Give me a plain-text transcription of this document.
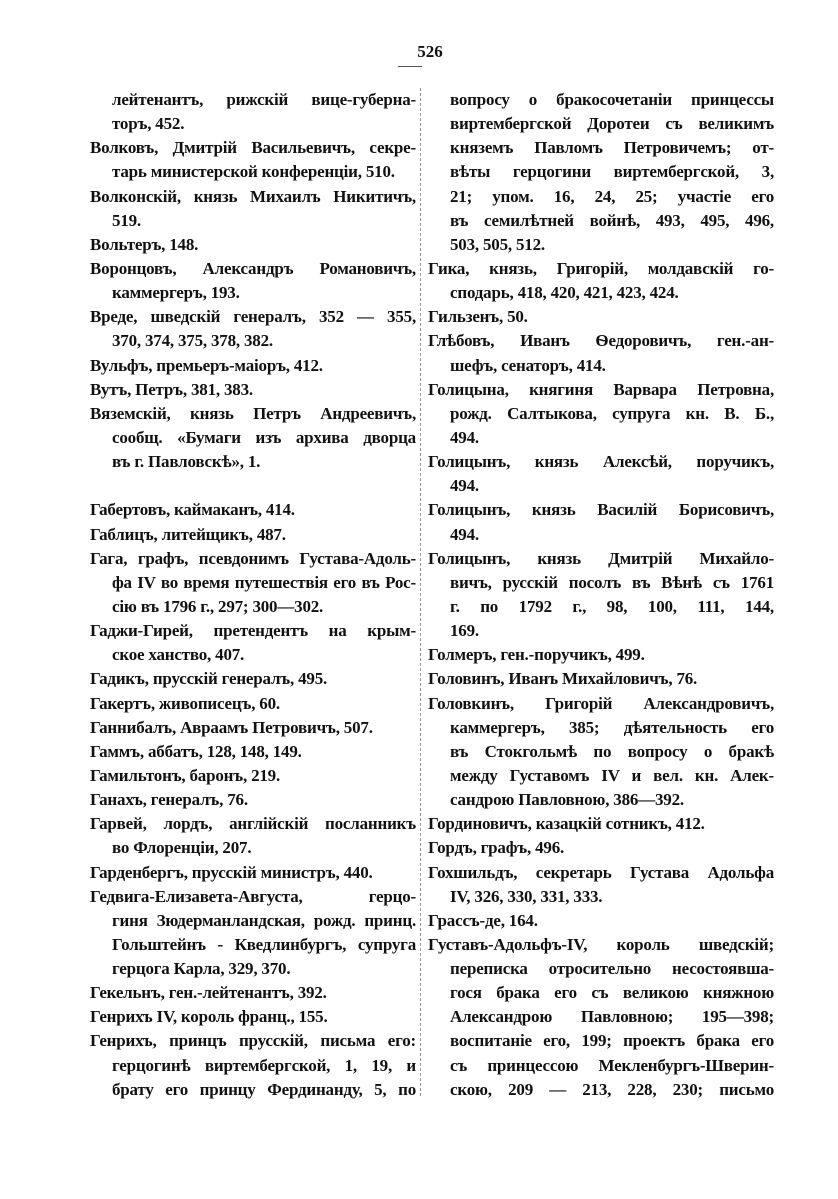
526
лейтенантъ, рижскій вице-губерна-
торъ, 452.
Волковъ, Дмитрій Васильевичъ, секре-
тарь министерской конференціи, 510.
Волконскій, князь Михаилъ Никитичъ,
519.
Вольтеръ, 148.
Воронцовъ, Александръ Романовичъ,
каммергеръ, 193.
Вреде, шведскій генералъ, 352 — 355,
370, 374, 375, 378, 382.
Вульфъ, премьеръ-маіоръ, 412.
Вутъ, Петръ, 381, 383.
Вяземскій, князь Петръ Андреевичъ,
сообщ. «Бумаги изъ архива дворца
въ г. Павловскѣ», 1.
Габертовъ, каймаканъ, 414.
Габлицъ, литейщикъ, 487.
Гага, графъ, псевдонимъ Густава-Адоль-
фа IV во время путешествія его въ Рос-
сію въ 1796 г., 297; 300—302.
Гаджи-Гирей, претендентъ на крым-
ское ханство, 407.
Гадикъ, прусскій генералъ, 495.
Гакертъ, живописецъ, 60.
Ганнибалъ, Авраамъ Петровичъ, 507.
Гаммъ, аббатъ, 128, 148, 149.
Гамильтонъ, баронъ, 219.
Ганахъ, генералъ, 76.
Гарвей, лордъ, англійскій посланникъ
во Флоренціи, 207.
Гарденбергъ, прусскій министръ, 440.
Гедвига-Елизавета-Августа, герцо-
гиня Зюдерманландская, рожд. принц.
Гольштейнъ - Кведлинбургъ, супруга
герцога Карла, 329, 370.
Гекельнъ, ген.-лейтенантъ, 392.
Генрихъ IV, король франц., 155.
Генрихъ, принцъ прусскій, письма его:
герцогинѣ виртембергской, 1, 19, и
брату его принцу Фердинанду, 5, по
вопросу о бракосочетаніи принцессы
виртембергской Доротеи съ великимъ
княземъ Павломъ Петровичемъ; от-
вѣты герцогини виртембергской, 3,
21; упом. 16, 24, 25; участіе его
въ семилѣтней войнѣ, 493, 495, 496,
503, 505, 512.
Гика, князь, Григорій, молдавскій го-
сподарь, 418, 420, 421, 423, 424.
Гильзенъ, 50.
Глѣбовъ, Иванъ Ѳедоровичъ, ген.-ан-
шефъ, сенаторъ, 414.
Голицына, княгиня Варвара Петровна,
рожд. Салтыкова, супруга кн. В. Б.,
494.
Голицынъ, князь Алексѣй, поручикъ,
494.
Голицынъ, князь Василій Борисовичъ,
494.
Голицынъ, князь Дмитрій Михайло-
вичъ, русскій посолъ въ Вѣнѣ съ 1761
г. по 1792 г., 98, 100, 111, 144,
169.
Голмеръ, ген.-поручикъ, 499.
Головинъ, Иванъ Михайловичъ, 76.
Головкинъ, Григорій Александровичъ,
каммергеръ, 385; дѣятельность его
въ Стокгольмѣ по вопросу о бракѣ
между Густавомъ IV и вел. кн. Алек-
сандрою Павловною, 386—392.
Гординовичъ, казацкій сотникъ, 412.
Гордъ, графъ, 496.
Гохшильдъ, секретарь Густава Адольфа
IV, 326, 330, 331, 333.
Грассъ-де, 164.
Густавъ-Адольфъ-IV, король шведскій;
переписка отросительно несостоявша-
гося брака его съ великою княжною
Александрою Павловною; 195—398;
воспитаніе его, 199; проектъ брака его
съ принцессою Мекленбургъ-Шверин-
скою, 209 — 213, 228, 230; письмо
